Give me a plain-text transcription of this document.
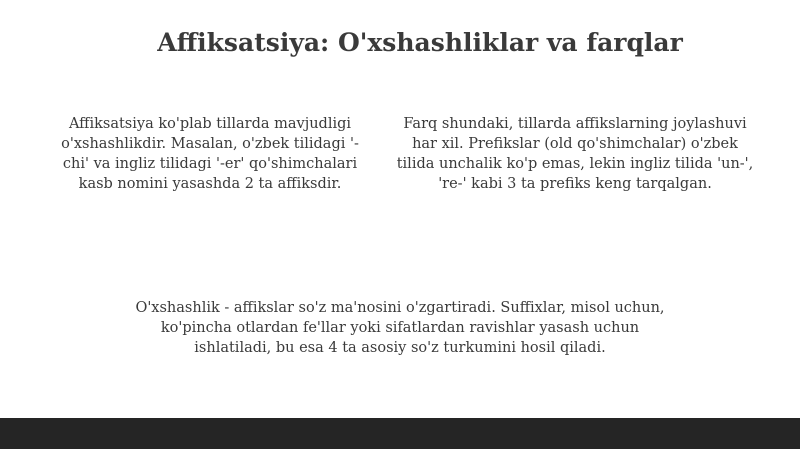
Affiksatsiya: O'xshashliklar va farqlar
Affiksatsiya ko'plab tillarda mavjudligi o'xshashlikdir. Masalan, o'zbek tilidagi '-chi' va ingliz tilidagi '-er' qo'shimchalari kasb nomini yasashda 2 ta affiksdir.
Farq shundaki, tillarda affikslarning joylashuvi har xil. Prefikslar (old qo'shimchalar) o'zbek tilida unchalik ko'p emas, lekin ingliz tilida 'un-', 're-' kabi 3 ta prefiks keng tarqalgan.
O'xshashlik - affikslar so'z ma'nosini o'zgartiradi. Suffixlar, misol uchun, ko'pincha otlardan fe'llar yoki sifatlardan ravishlar yasash uchun ishlatiladi, bu esa 4 ta asosiy so'z turkumini hosil qiladi.
